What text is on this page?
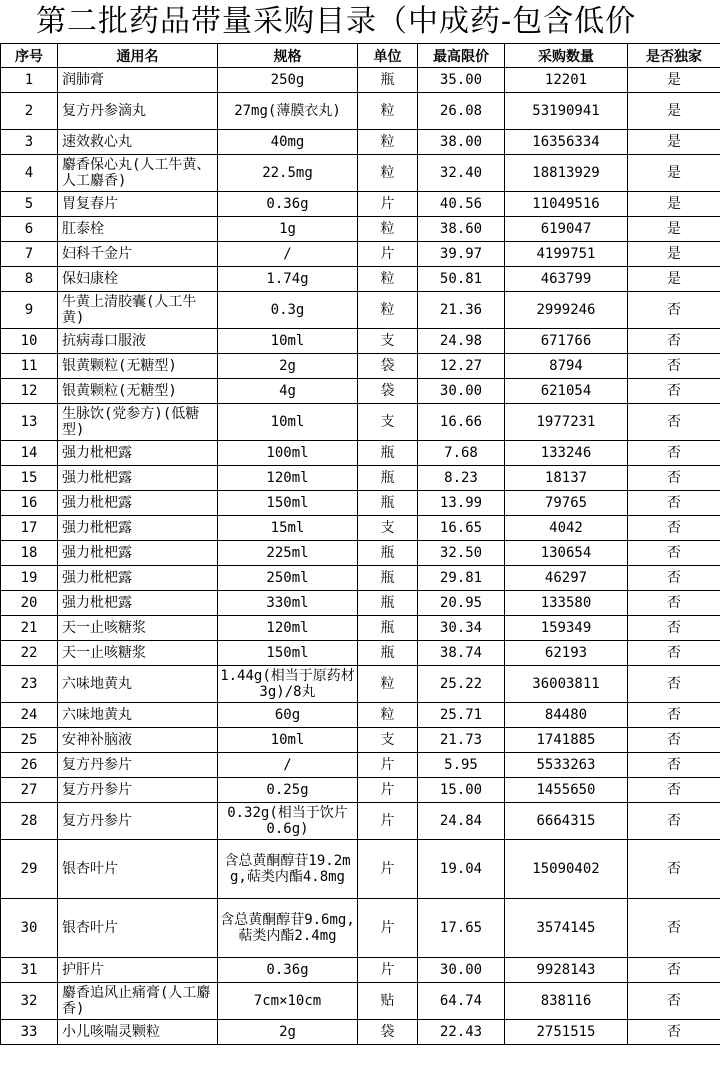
第二批药品带量采购目录（中成药-包含低价
序号	通用名	规格	单位	最高限价	采购数量	是否独家
1	润肺膏	250g	瓶	35.00	12201	是
2	复方丹参滴丸	27mg(薄膜衣丸)	粒	26.08	53190941	是
3	速效救心丸	40mg	粒	38.00	16356334	是
4	麝香保心丸(人工牛黄、人工麝香)	22.5mg	粒	32.40	18813929	是
5	胃复春片	0.36g	片	40.56	11049516	是
6	肛泰栓	1g	粒	38.60	619047	是
7	妇科千金片	/	片	39.97	4199751	是
8	保妇康栓	1.74g	粒	50.81	463799	是
9	牛黄上清胶囊(人工牛黄)	0.3g	粒	21.36	2999246	否
10	抗病毒口服液	10ml	支	24.98	671766	否
11	银黄颗粒(无糖型)	2g	袋	12.27	8794	否
12	银黄颗粒(无糖型)	4g	袋	30.00	621054	否
13	生脉饮(党参方)(低糖型)	10ml	支	16.66	1977231	否
14	强力枇杷露	100ml	瓶	7.68	133246	否
15	强力枇杷露	120ml	瓶	8.23	18137	否
16	强力枇杷露	150ml	瓶	13.99	79765	否
17	强力枇杷露	15ml	支	16.65	4042	否
18	强力枇杷露	225ml	瓶	32.50	130654	否
19	强力枇杷露	250ml	瓶	29.81	46297	否
20	强力枇杷露	330ml	瓶	20.95	133580	否
21	天一止咳糖浆	120ml	瓶	30.34	159349	否
22	天一止咳糖浆	150ml	瓶	38.74	62193	否
23	六味地黄丸	1.44g(相当于原药材3g)/8丸	粒	25.22	36003811	否
24	六味地黄丸	60g	粒	25.71	84480	否
25	安神补脑液	10ml	支	21.73	1741885	否
26	复方丹参片	/	片	5.95	5533263	否
27	复方丹参片	0.25g	片	15.00	1455650	否
28	复方丹参片	0.32g(相当于饮片0.6g)	片	24.84	6664315	否
29	银杏叶片	含总黄酮醇苷19.2mg,萜类内酯4.8mg	片	19.04	15090402	否
30	银杏叶片	含总黄酮醇苷9.6mg,萜类内酯2.4mg	片	17.65	3574145	否
31	护肝片	0.36g	片	30.00	9928143	否
32	麝香追风止痛膏(人工麝香)	7cm×10cm	贴	64.74	838116	否
33	小儿咳喘灵颗粒	2g	袋	22.43	2751515	否
